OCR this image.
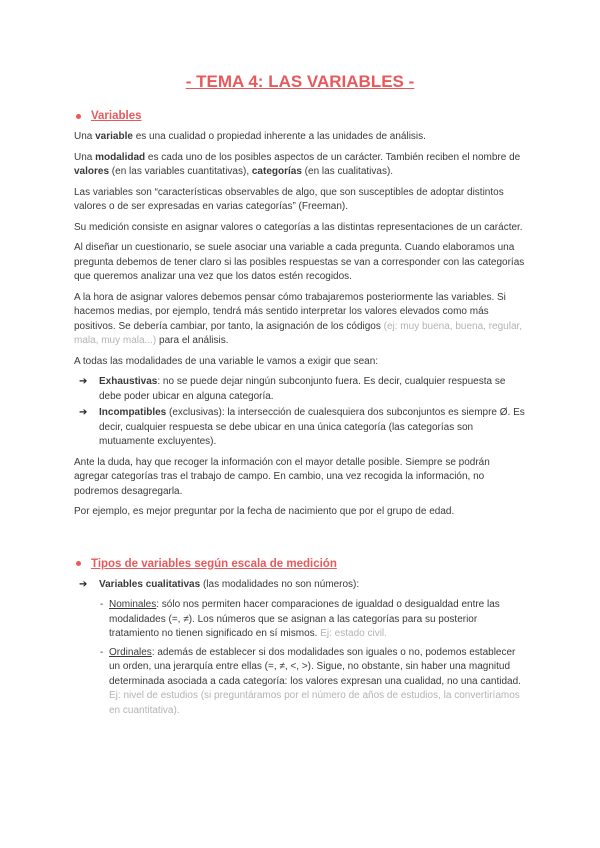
- TEMA 4: LAS VARIABLES -
Variables

Una variable es una cualidad o propiedad inherente a las unidades de análisis.

Una modalidad es cada uno de los posibles aspectos de un carácter. También reciben el nombre de valores (en las variables cuantitativas), categorías (en las cualitativas).

Las variables son “características observables de algo, que son susceptibles de adoptar distintos valores o de ser expresadas en varias categorías” (Freeman).

Su medición consiste en asignar valores o categorías a las distintas representaciones de un carácter.

Al diseñar un cuestionario, se suele asociar una variable a cada pregunta. Cuando elaboramos una pregunta debemos de tener claro si las posibles respuestas se van a corresponder con las categorías que queremos analizar una vez que los datos estén recogidos.

A la hora de asignar valores debemos pensar cómo trabajaremos posteriormente las variables. Si hacemos medias, por ejemplo, tendrá más sentido interpretar los valores elevados como más positivos. Se debería cambiar, por tanto, la asignación de los códigos (ej: muy buena, buena, regular, mala, muy mala...) para el análisis.

A todas las modalidades de una variable le vamos a exigir que sean:

➔	Exhaustivas: no se puede dejar ningún subconjunto fuera. Es decir, cualquier respuesta se debe poder ubicar en alguna categoría.
➔	Incompatibles (exclusivas): la intersección de cualesquiera dos subconjuntos es siempre Ø. Es decir, cualquier respuesta se debe ubicar en una única categoría (las categorías son mutuamente excluyentes).

Ante la duda, hay que recoger la información con el mayor detalle posible. Siempre se podrán agregar categorías tras el trabajo de campo. En cambio, una vez recogida la información, no podremos desagregarla.

Por ejemplo, es mejor preguntar por la fecha de nacimiento que por el grupo de edad.

Tipos de variables según escala de medición
➔	Variables cualitativas (las modalidades no son números):
- Nominales: sólo nos permiten hacer comparaciones de igualdad o desigualdad entre las modalidades (=, ≠). Los números que se asignan a las categorías para su posterior tratamiento no tienen significado en sí mismos. Ej: estado civil.
- Ordinales: además de establecer si dos modalidades son iguales o no, podemos establecer un orden, una jerarquía entre ellas (=, ≠, <, >). Sigue, no obstante, sin haber una magnitud determinada asociada a cada categoría: los valores expresan una cualidad, no una cantidad. Ej: nivel de estudios (si preguntáramos por el número de años de estudios, la convertiríamos en cuantitativa).
